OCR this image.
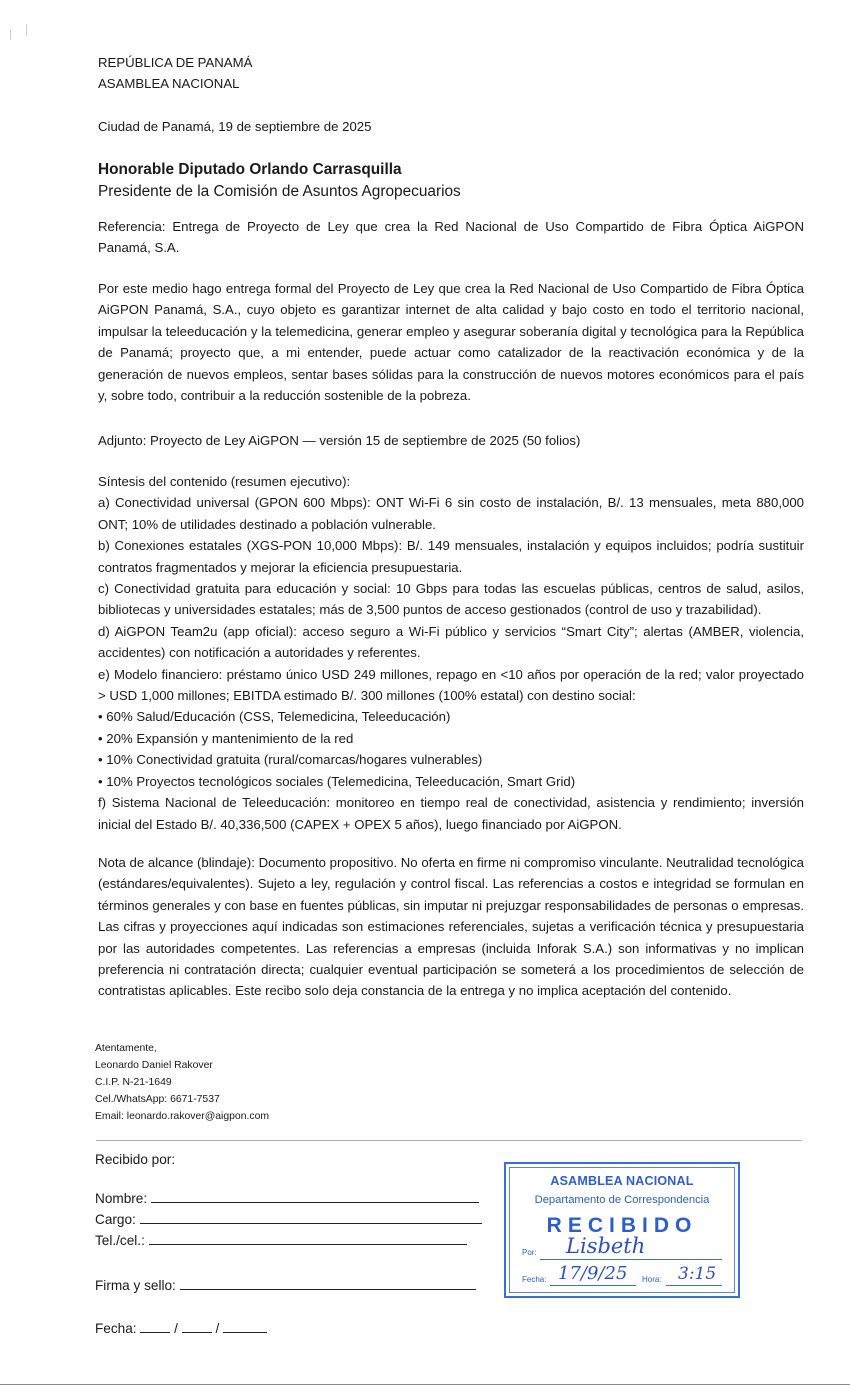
REPÚBLICA DE PANAMÁ
ASAMBLEA NACIONAL
Ciudad de Panamá, 19 de septiembre de 2025
Honorable Diputado Orlando Carrasquilla
Presidente de la Comisión de Asuntos Agropecuarios
Referencia: Entrega de Proyecto de Ley que crea la Red Nacional de Uso Compartido de Fibra Óptica AiGPON Panamá, S.A.
Por este medio hago entrega formal del Proyecto de Ley que crea la Red Nacional de Uso Compartido de Fibra Óptica AiGPON Panamá, S.A., cuyo objeto es garantizar internet de alta calidad y bajo costo en todo el territorio nacional, impulsar la teleeducación y la telemedicina, generar empleo y asegurar soberanía digital y tecnológica para la República de Panamá; proyecto que, a mi entender, puede actuar como catalizador de la reactivación económica y de la generación de nuevos empleos, sentar bases sólidas para la construcción de nuevos motores económicos para el país y, sobre todo, contribuir a la reducción sostenible de la pobreza.
Adjunto: Proyecto de Ley AiGPON — versión 15 de septiembre de 2025 (50 folios)
Síntesis del contenido (resumen ejecutivo):
a) Conectividad universal (GPON 600 Mbps): ONT Wi-Fi 6 sin costo de instalación, B/. 13 mensuales, meta 880,000 ONT; 10% de utilidades destinado a población vulnerable.
b) Conexiones estatales (XGS-PON 10,000 Mbps): B/. 149 mensuales, instalación y equipos incluidos; podría sustituir contratos fragmentados y mejorar la eficiencia presupuestaria.
c) Conectividad gratuita para educación y social: 10 Gbps para todas las escuelas públicas, centros de salud, asilos, bibliotecas y universidades estatales; más de 3,500 puntos de acceso gestionados (control de uso y trazabilidad).
d) AiGPON Team2u (app oficial): acceso seguro a Wi-Fi público y servicios “Smart City”; alertas (AMBER, violencia, accidentes) con notificación a autoridades y referentes.
e) Modelo financiero: préstamo único USD 249 millones, repago en <10 años por operación de la red; valor proyectado > USD 1,000 millones; EBITDA estimado B/. 300 millones (100% estatal) con destino social:
• 60% Salud/Educación (CSS, Telemedicina, Teleeducación)
• 20% Expansión y mantenimiento de la red
• 10% Conectividad gratuita (rural/comarcas/hogares vulnerables)
• 10% Proyectos tecnológicos sociales (Telemedicina, Teleeducación, Smart Grid)
f) Sistema Nacional de Teleeducación: monitoreo en tiempo real de conectividad, asistencia y rendimiento; inversión inicial del Estado B/. 40,336,500 (CAPEX + OPEX 5 años), luego financiado por AiGPON.
Nota de alcance (blindaje): Documento propositivo. No oferta en firme ni compromiso vinculante. Neutralidad tecnológica (estándares/equivalentes). Sujeto a ley, regulación y control fiscal. Las referencias a costos e integridad se formulan en términos generales y con base en fuentes públicas, sin imputar ni prejuzgar responsabilidades de personas o empresas. Las cifras y proyecciones aquí indicadas son estimaciones referenciales, sujetas a verificación técnica y presupuestaria por las autoridades competentes. Las referencias a empresas (incluida Inforak S.A.) son informativas y no implican preferencia ni contratación directa; cualquier eventual participación se someterá a los procedimientos de selección de contratistas aplicables. Este recibo solo deja constancia de la entrega y no implica aceptación del contenido.
Atentamente,
Leonardo Daniel Rakover
C.I.P. N-21-1649
Cel./WhatsApp: 6671-7537
Email: leonardo.rakover@aigpon.com
Recibido por:
Nombre:
Cargo:
Tel./cel.:
Firma y sello:
Fecha:	/	/
ASAMBLEA NACIONAL
Departamento de Correspondencia
RECIBIDO
Por: Lisbeth
Fecha: 17/9/25 Hora: 3:15
